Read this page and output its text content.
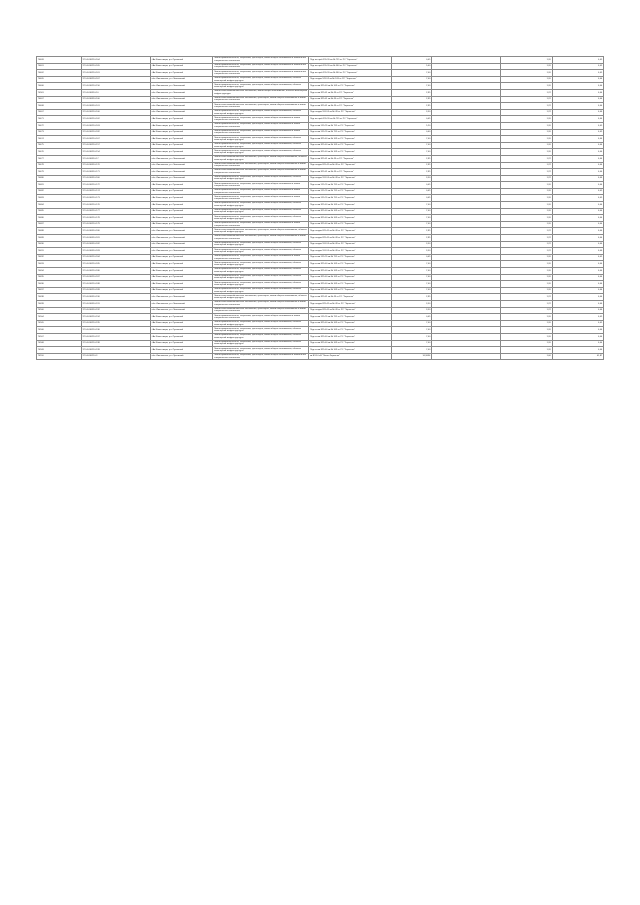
74409	37:14:030210:164	«Ак Инвестиции, р-н Луневский	Земли промышленности, энергетики, транспорта, земли общего пользования и земли иного специального назначения	Под застрой 555-55 кв.№ 755 от РС "Заречное"	0,45		1,20	0,05
74401	37:14:030210:165	«Ак Инвестиции, р-н Луневский	Земли промышленности, энергетики, транспорта, земли общего пользования и земли иного специального назначения	Под застрой 555-55 кв.№ 560 от РС "Заречное"	5,40		1,20	0,05
74402	37:14:030210:161	«Ак Инвестиции, р-н Луневский	Земли промышленности, энергетики, транспорта, земли общего пользования и земли иного специального назначения	Под застрой 555-55 кв.№ 560 от РС "Заречное"	7,40		1,20	0,05
74405	37:14:030210:167	обл. Ивановская, р-н Лежневский	Земли промышленности, энергетики, транспорта, земли общего пользования, объекты инженерной инфраструктуры	Под плодов 525-52 кв.№ 109 от РС "Заречное"	7,40		1,20	0,04
74406	37:14:030210:156	обл. Ивановская, р-н Лежневский	Земли промышленности, энергетики, транспорта, земли общего пользования, объекты инженерной инфраструктуры	Под истов 825-40 кв.№ 109 от РС "Заречное"	7,00		1,20	0,04
74561	37:14:030310:10	обл. Ивановская, р-н Лежневский	Земли сельскохозяйственного назначения, земли общего пользования, объекты инженерной инфраструктуры	Под истов 825-41 кв.№ 49 от РС "Заречное"	2,95		1,22	0,04
74407	37:14:030310:100	обл. Ивановская, р-н Лежневский	Земли сельскохозяйственного назначения, транспорта, земли общего пользования и земли специального назначения	Под истов 825-41 кв.№ 49 от РС "Заречное"	2,95		1,22	0,04
74408	37:14:030310:101	обл. Ивановская, р-н Лежневский	Земли сельскохозяйственного назначения, транспорта, земли общего пользования и земли специального назначения	Под истов 825-41 кв.№ 49 от РС "Заречное"	2,95		1,22	0,04
74407	37:14:030210:100	обл. Ивановская, р-н Лежневский	Земли промышленности, энергетики, транспорта, земли общего пользования, объекты инженерной инфраструктуры	Под плодов 555-55 кв.№ 49 от РС "Заречное"	3,50		1,22	0,46
74471	37:14:030210:162	«Ак Инвестиции, р-н Луневский	Земли промышленности, энергетики, транспорта, земли общего пользования и земли специального назначения	Под застрой 555-55 кв.№ 755 от РС "Заречное"	0,45		1,20	0,04
74472	37:14:030210:163	«Ак Инвестиции, р-н Луневский	Земли промышленности, энергетики, транспорта, земли общего пользования и земли специального назначения	Под истов 555-55 кв.№ 755 от РС "Заречное"	5,20		1,20	0,05
74473	37:14:030210:182	«Ак Инвестиции, р-н Луневский	Земли промышленности, энергетики, транспорта, земли общего пользования и земли специального назначения	Под истов 555-55 кв.№ 755 от РС "Заречное"	0,40		1,20	0,05
74474	37:14:030210:167	«Ак Инвестиции, р-н Луневский	Земли промышленности, энергетики, транспорта, земли общего пользования, объекты инженерной инфраструктуры	Под истов 825-40 кв.№ 109 от РС "Заречное"	7,00		1,20	0,04
74475	37:14:030210:157	«Ак Инвестиции, р-н Луневский	Земли промышленности, энергетики, транспорта, земли общего пользования, объекты инженерной инфраструктуры	Под истов 825-40 кв.№ 109 от РС "Заречное"	7,00		1,20	0,04
74476	37:14:030210:154	«Ак Инвестиции, р-н Луневский	Земли промышленности, энергетики, транспорта, земли общего пользования, объекты инженерной инфраструктуры	Под истов 825-40 кв.№ 109 от РС "Заречное"	7,00		1,20	0,04
74477	37:14:030310:17	обл. Ивановская, р-н Лежневский	Земли сельскохозяйственного назначения, транспорта, земли общего пользования, объекты инженерной инфраструктуры	Под истов 825-41 кв.№ 49 от РС "Заречное"	2,95		1,22	0,04
74478	37:14:030310:170	обл. Ивановская, р-н Лежневский	Земли сельскохозяйственного назначения, транспорта, земли общего пользования и земли специального назначения	Под плодов 825-41 кв.№ 49 от РС "Заречное"	2,95		1,22	0,04
74479	37:14:030310:171	обл. Ивановская, р-н Лежневский	Земли сельскохозяйственного назначения, транспорта, земли общего пользования и земли специального назначения	Под истов 825-41 кв.№ 49 от РС "Заречное"	2,95		1,22	0,04
74480	37:14:030310:160	обл. Ивановская, р-н Лежневский	Земли промышленности, энергетики, транспорта, земли общего пользования, объекты инженерной инфраструктуры	Под плодов 555-55 кв.№ 49 от РС "Заречное"	3,50		1,22	0,46
74481	37:14:030210:172	«Ак Инвестиции, р-н Луневский	Земли промышленности, энергетики, транспорта, земли общего пользования и земли специального назначения	Под истов 555-55 кв.№ 755 от РС "Заречное"	0,45		1,20	0,04
74482	37:14:030210:174	«Ак Инвестиции, р-н Луневский	Земли промышленности, энергетики, транспорта, земли общего пользования и земли специального назначения	Под истов 555-55 кв.№ 755 от РС "Заречное"	0,45		1,20	0,05
74483	37:14:030210:173	«Ак Инвестиции, р-н Луневский	Земли промышленности, энергетики, транспорта, земли общего пользования и земли специального назначения	Под истов 555-55 кв.№ 755 от РС "Заречное"	0,45		1,20	0,05
74484	37:14:030210:176	«Ак Инвестиции, р-н Луневский	Земли промышленности, энергетики, транспорта, земли общего пользования, объекты инженерной инфраструктуры	Под истов 825-40 кв.№ 109 от РС "Заречное"	7,00		1,20	0,04
74485	37:14:030210:177	«Ак Инвестиции, р-н Луневский	Земли промышленности, энергетики, транспорта, земли общего пользования, объекты инженерной инфраструктуры	Под истов 825-40 кв.№ 109 от РС "Заречное"	7,00		1,20	0,04
74486	37:14:030210:178	«Ак Инвестиции, р-н Луневский	Земли промышленности, энергетики, транспорта, земли общего пользования, объекты инженерной инфраструктуры	Под истов 825-40 кв.№ 109 от РС "Заречное"	7,00		1,20	0,04
74487	37:14:030210:179	«Ак Инвестиции, р-н Луневский	Земли промышленности, энергетики, транспорта, земли общего пользования и земли специального назначения	Под истов 825-40 кв.№ 109 от РС "Заречное"	7,00		1,20	0,04
74488	37:14:030310:180	обл. Ивановская, р-н Лежневский	Земли сельскохозяйственного назначения, транспорта, земли общего пользования, объекты инженерной инфраструктуры	Под плодов 825-41 кв.№ 49 от РС "Заречное"	2,95		1,22	0,04
74489	37:14:030310:181	обл. Ивановская, р-н Лежневский	Земли сельскохозяйственного назначения, транспорта, земли общего пользования и земли специального назначения	Под плодов 825-41 кв.№ 49 от РС "Заречное"	2,95		1,22	0,04
74490	37:14:030310:182	обл. Ивановская, р-н Лежневский	Земли промышленности, энергетики, транспорта, земли общего пользования, объекты инженерной инфраструктуры	Под плодов 555-55 кв.№ 49 от РС "Заречное"	3,50		1,22	0,46
74491	37:14:030310:183	обл. Ивановская, р-н Лежневский	Земли промышленности, энергетики, транспорта, земли общего пользования, объекты инженерной инфраструктуры	Под плодов 555-55 кв.№ 49 от РС "Заречное"	3,50		1,22	0,46
74492	37:14:030210:184	«Ак Инвестиции, р-н Луневский	Земли промышленности, энергетики, транспорта, земли общего пользования и земли специального назначения	Под истов 555-55 кв.№ 755 от РС "Заречное"	0,45		1,20	0,05
74493	37:14:030210:185	«Ак Инвестиции, р-н Луневский	Земли промышленности, энергетики, транспорта, земли общего пользования, объекты инженерной инфраструктуры	Под истов 825-40 кв.№ 109 от РС "Заречное"	7,00		1,20	0,04
74494	37:14:030210:186	«Ак Инвестиции, р-н Луневский	Земли промышленности, энергетики, транспорта, земли общего пользования, объекты инженерной инфраструктуры	Под истов 825-40 кв.№ 109 от РС "Заречное"	7,00		1,20	0,04
74495	37:14:030210:187	«Ак Инвестиции, р-н Луневский	Земли промышленности, энергетики, транспорта, земли общего пользования, объекты инженерной инфраструктуры	Под истов 825-40 кв.№ 109 от РС "Заречное"	7,00		1,20	0,04
74496	37:14:030210:188	«Ак Инвестиции, р-н Луневский	Земли промышленности, энергетики, транспорта, земли общего пользования, объекты инженерной инфраструктуры	Под истов 825-40 кв.№ 109 от РС "Заречное"	7,00		1,20	0,04
74497	37:14:030210:189	«Ак Инвестиции, р-н Луневский	Земли промышленности, энергетики, транспорта, земли общего пользования, объекты инженерной инфраструктуры	Под истов 825-40 кв.№ 109 от РС "Заречное"	7,00		1,20	0,04
74498	37:14:030310:190	обл. Ивановская, р-н Лежневский	Земли сельскохозяйственного назначения, транспорта, земли общего пользования, объекты инженерной инфраструктуры	Под истов 825-41 кв.№ 49 от РС "Заречное"	2,95		1,22	0,04
74499	37:14:030310:191	обл. Ивановская, р-н Лежневский	Земли сельскохозяйственного назначения, транспорта, земли общего пользования и земли специального назначения	Под плодов 825-41 кв.№ 49 от РС "Заречное"	3,50		1,22	0,46
74500	37:14:030310:192	обл. Ивановская, р-н Лежневский	Земли сельскохозяйственного назначения, транспорта, земли общего пользования и земли специального назначения	Под плодов 825-41 кв.№ 49 от РС "Заречное"	3,50		1,22	0,46
74504	37:14:030210:194	«Ак Инвестиции, р-н Луневский	Земли промышленности, энергетики, транспорта, земли общего пользования и земли специального назначения	Под истов 555-55 кв.№ 755 от РС "Заречное"	0,45		1,20	0,05
74505	37:14:030210:195	«Ак Инвестиции, р-н Луневский	Земли промышленности, энергетики, транспорта, земли общего пользования, объекты инженерной инфраструктуры	Под истов 825-40 кв.№ 109 от РС "Заречное"	7,00		1,20	0,05
74506	37:14:030210:196	«Ак Инвестиции, р-н Луневский	Земли промышленности, энергетики, транспорта, земли общего пользования, объекты инженерной инфраструктуры	Под истов 825-40 кв.№ 109 от РС "Заречное"	7,00		1,20	0,04
74507	37:14:030210:197	«Ак Инвестиции, р-н Луневский	Земли промышленности, энергетики, транспорта, земли общего пользования, объекты инженерной инфраструктуры	Под истов 825-40 кв.№ 109 от РС "Заречное"	7,00		1,20	0,04
74508	37:14:030210:198	«Ак Инвестиции, р-н Луневский	Земли промышленности, энергетики, транспорта, земли общего пользования, объекты инженерной инфраструктуры	Под истов 825-40 кв.№ 109 от РС "Заречное"	7,00		1,20	0,04
74509	37:14:030210:199	«Ак Инвестиции, р-н Луневский	Земли промышленности, энергетики, транспорта, земли общего пользования, объекты инженерной инфраструктуры	Под истов 825-40 кв.№ 109 от РС "Заречное"	7,00		1,20	0,04
74510	37:14:030210:3	обл. Ивановская, р-н Луневский	Земли промышленности, энергетики, транспорта, земли общего пользования и земли иного специального назначения	кв ВЛ-10 кВ "Полет-Заречное"	10,9034		1,00	41,87
